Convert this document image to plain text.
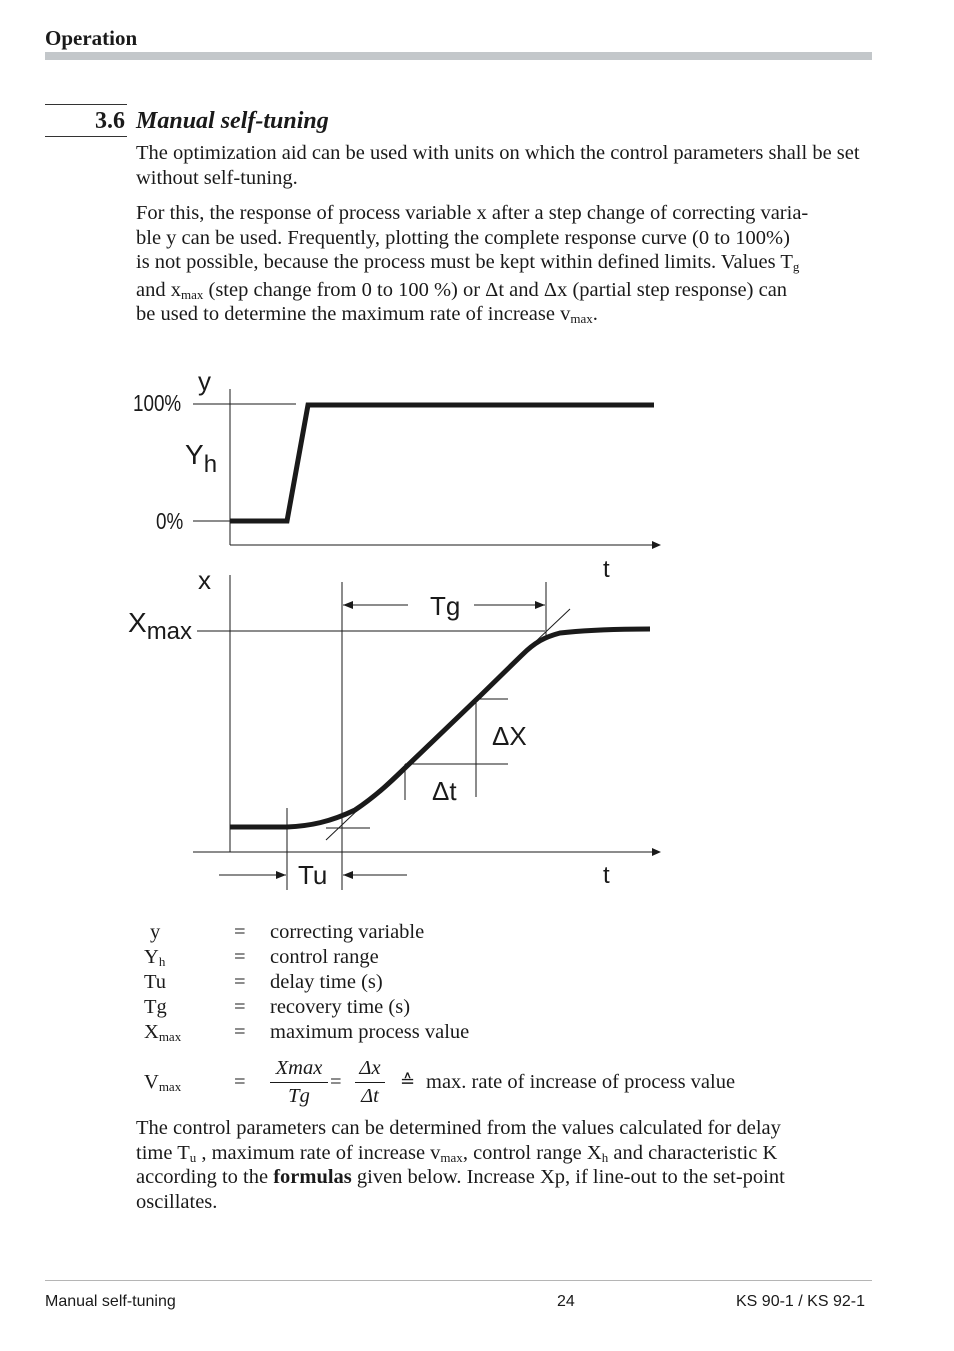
Operation
3.6 Manual self-tuning
The optimization aid can be used with units on which the control parameters shall be set without self-tuning.
For this, the response of process variable x after a step change of correcting varia-
ble y can be used. Frequently, plotting the complete response curve (0 to 100%)
is not possible, because the process must be kept within defined limits. Values $T_g$
and $x_{max}$ (step change from 0 to 100 %) or Δt and Δx (partial step response) can
be used to determine the maximum rate of increase $v_{max}$.
y
100%
0%
Yh
t
x
Xmax
Tg
Tu
ΔX
Δt
t
y	= correcting variable
$Y_h$	= control range
Tu	= delay time (s)
Tg	= recovery time (s)
$X_{max}$	= maximum process value
$V_{max}$	=
Xmax
Tg
= $\frac{\Delta x}{\Delta t}$ ≙ max. rate of increase of process value
The control parameters can be determined from the values calculated for delay
time $T_u$ , maximum rate of increase $v_{max}$, control range $X_h$ and characteristic K
according to the formulas given below. Increase Xp, if line-out to the set-point
oscillates.
Manual self-tuning	24	KS 90-1 / KS 92-1
